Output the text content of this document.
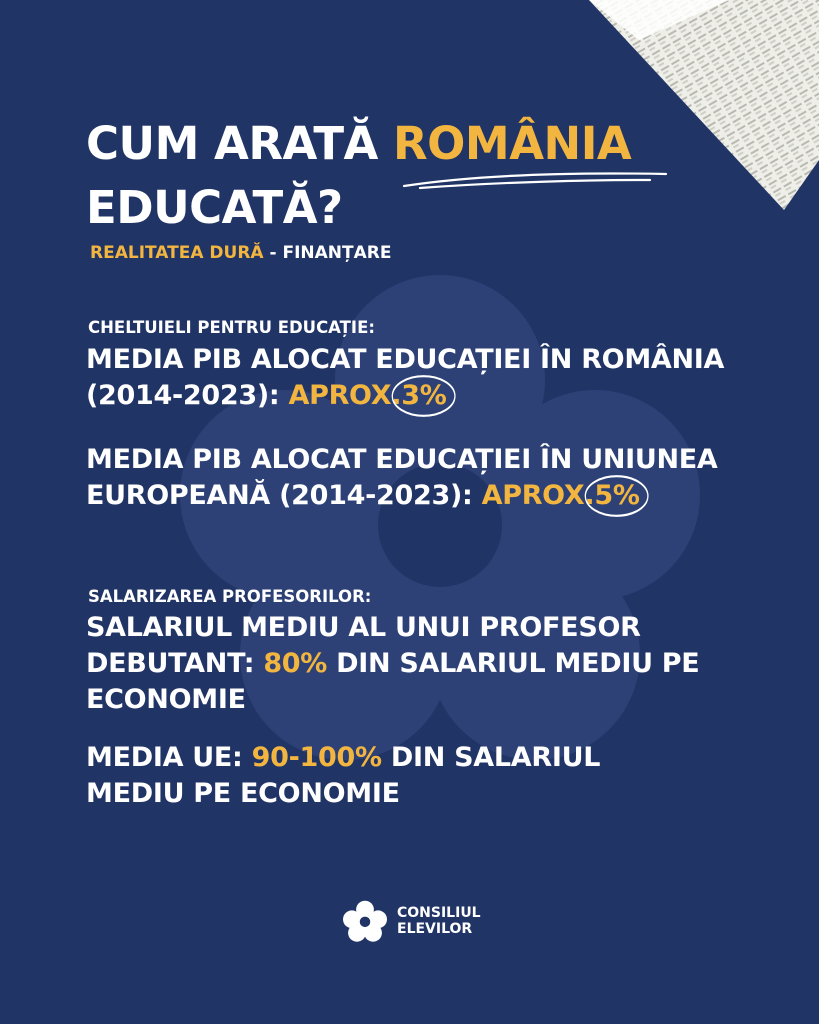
CUM ARATĂ ROMÂNIA
EDUCATĂ?
REALITATEA DURĂ - FINANȚARE
CHELTUIELI PENTRU EDUCAȚIE:

MEDIA PIB ALOCAT EDUCAȚIEI ÎN ROMÂNIA (2014-2023): APROX.
3%

MEDIA PIB ALOCAT EDUCAȚIEI ÎN UNIUNEA EUROPEANĂ (2014-2023): APROX.
5%

SALARIZAREA PROFESORILOR:

SALARIUL MEDIU AL UNUI PROFESOR DEBUTANT: 80% DIN SALARIUL MEDIU PE ECONOMIE

MEDIA UE: 90-100% DIN SALARIUL MEDIU PE ECONOMIE

CONSILIUL
ELEVILOR
